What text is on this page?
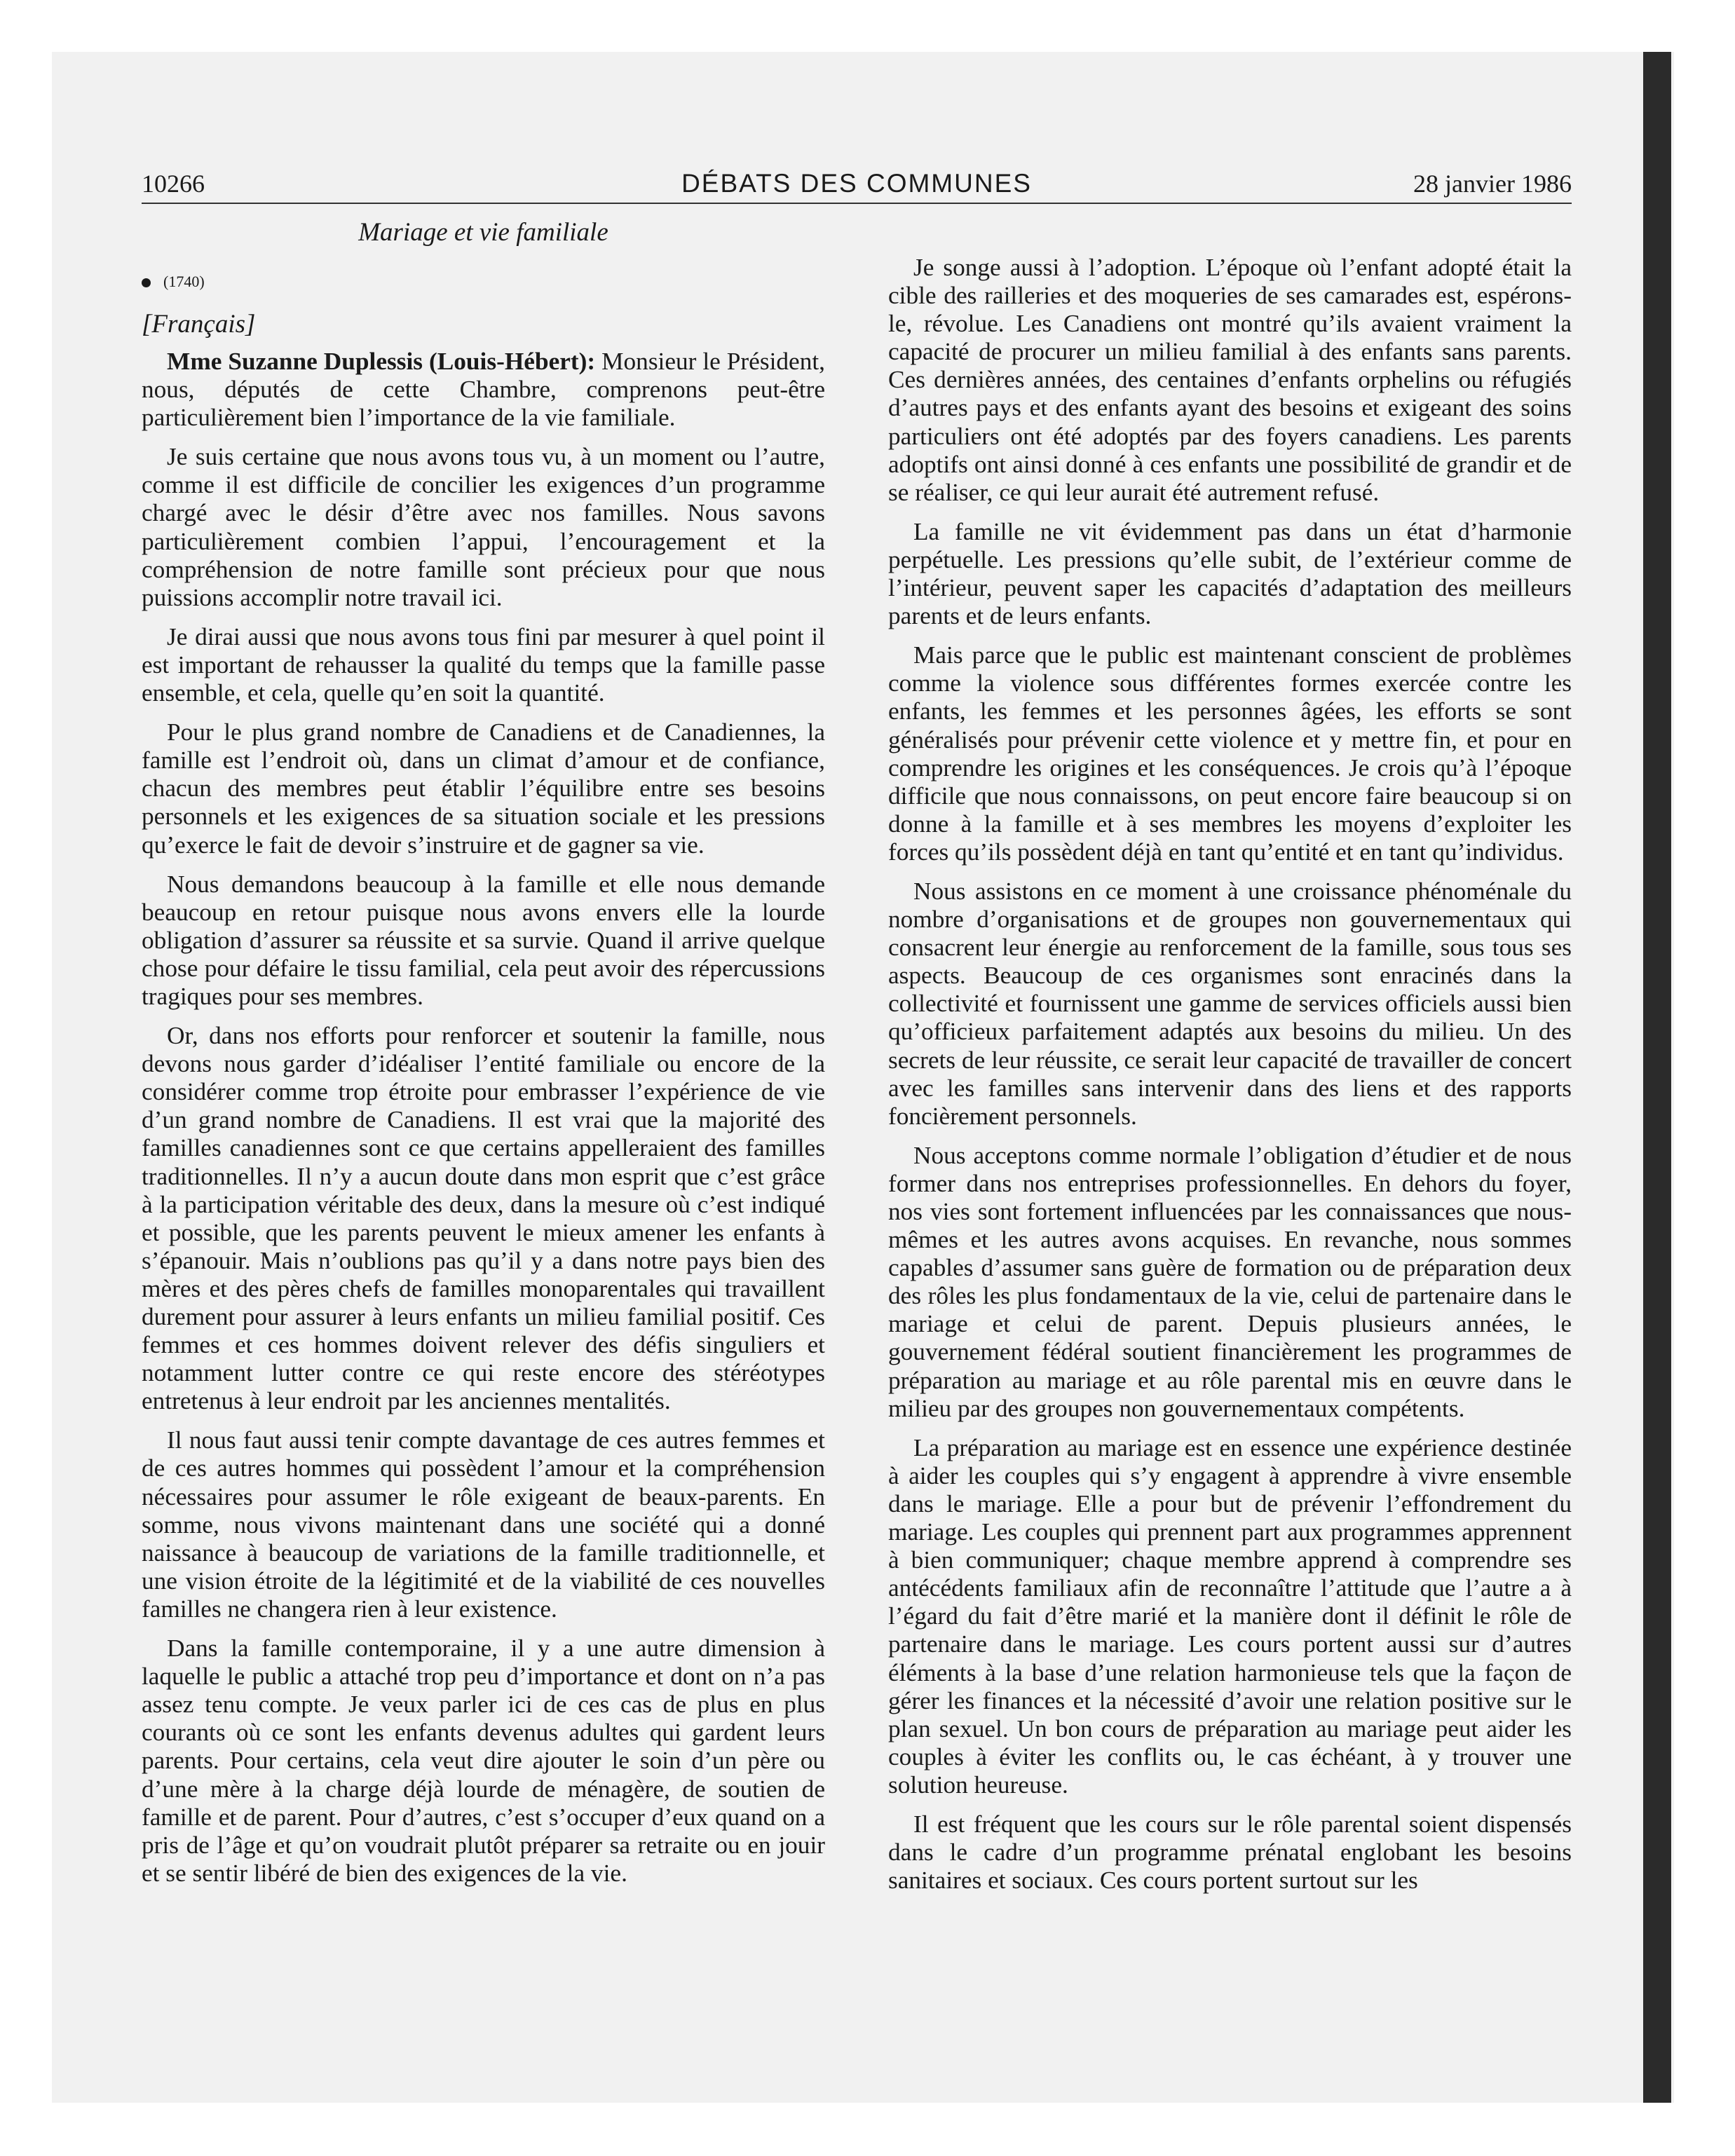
10266	DÉBATS DES COMMUNES	28 janvier 1986
Mariage et vie familiale
(1740)
[Français]

Mme Suzanne Duplessis (Louis-Hébert): Monsieur le Président, nous, députés de cette Chambre, comprenons peut-être particulièrement bien l’importance de la vie familiale.

Je suis certaine que nous avons tous vu, à un moment ou l’autre, comme il est difficile de concilier les exigences d’un programme chargé avec le désir d’être avec nos familles. Nous savons particulièrement combien l’appui, l’encouragement et la compréhension de notre famille sont précieux pour que nous puissions accomplir notre travail ici.

Je dirai aussi que nous avons tous fini par mesurer à quel point il est important de rehausser la qualité du temps que la famille passe ensemble, et cela, quelle qu’en soit la quantité.

Pour le plus grand nombre de Canadiens et de Canadiennes, la famille est l’endroit où, dans un climat d’amour et de confiance, chacun des membres peut établir l’équilibre entre ses besoins personnels et les exigences de sa situation sociale et les pressions qu’exerce le fait de devoir s’instruire et de gagner sa vie.

Nous demandons beaucoup à la famille et elle nous demande beaucoup en retour puisque nous avons envers elle la lourde obligation d’assurer sa réussite et sa survie. Quand il arrive quelque chose pour défaire le tissu familial, cela peut avoir des répercussions tragiques pour ses membres.

Or, dans nos efforts pour renforcer et soutenir la famille, nous devons nous garder d’idéaliser l’entité familiale ou encore de la considérer comme trop étroite pour embrasser l’expérience de vie d’un grand nombre de Canadiens. Il est vrai que la majorité des familles canadiennes sont ce que certains appelleraient des familles traditionnelles. Il n’y a aucun doute dans mon esprit que c’est grâce à la participation véritable des deux, dans la mesure où c’est indiqué et possible, que les parents peuvent le mieux amener les enfants à s’épanouir. Mais n’oublions pas qu’il y a dans notre pays bien des mères et des pères chefs de familles monoparentales qui travaillent durement pour assurer à leurs enfants un milieu familial positif. Ces femmes et ces hommes doivent relever des défis singuliers et notamment lutter contre ce qui reste encore des stéréotypes entretenus à leur endroit par les anciennes mentalités.

Il nous faut aussi tenir compte davantage de ces autres femmes et de ces autres hommes qui possèdent l’amour et la compréhension nécessaires pour assumer le rôle exigeant de beaux-parents. En somme, nous vivons maintenant dans une société qui a donné naissance à beaucoup de variations de la famille traditionnelle, et une vision étroite de la légitimité et de la viabilité de ces nouvelles familles ne changera rien à leur existence.

Dans la famille contemporaine, il y a une autre dimension à laquelle le public a attaché trop peu d’importance et dont on n’a pas assez tenu compte. Je veux parler ici de ces cas de plus en plus courants où ce sont les enfants devenus adultes qui gardent leurs parents. Pour certains, cela veut dire ajouter le soin d’un père ou d’une mère à la charge déjà lourde de ménagère, de soutien de famille et de parent. Pour d’autres, c’est s’occuper d’eux quand on a pris de l’âge et qu’on voudrait plutôt préparer sa retraite ou en jouir et se sentir libéré de bien des exigences de la vie.

Je songe aussi à l’adoption. L’époque où l’enfant adopté était la cible des railleries et des moqueries de ses camarades est, espérons-le, révolue. Les Canadiens ont montré qu’ils avaient vraiment la capacité de procurer un milieu familial à des enfants sans parents. Ces dernières années, des centaines d’enfants orphelins ou réfugiés d’autres pays et des enfants ayant des besoins et exigeant des soins particuliers ont été adoptés par des foyers canadiens. Les parents adoptifs ont ainsi donné à ces enfants une possibilité de grandir et de se réaliser, ce qui leur aurait été autrement refusé.

La famille ne vit évidemment pas dans un état d’harmonie perpétuelle. Les pressions qu’elle subit, de l’extérieur comme de l’intérieur, peuvent saper les capacités d’adaptation des meilleurs parents et de leurs enfants.

Mais parce que le public est maintenant conscient de problèmes comme la violence sous différentes formes exercée contre les enfants, les femmes et les personnes âgées, les efforts se sont généralisés pour prévenir cette violence et y mettre fin, et pour en comprendre les origines et les conséquences. Je crois qu’à l’époque difficile que nous connaissons, on peut encore faire beaucoup si on donne à la famille et à ses membres les moyens d’exploiter les forces qu’ils possèdent déjà en tant qu’entité et en tant qu’individus.

Nous assistons en ce moment à une croissance phénoménale du nombre d’organisations et de groupes non gouvernementaux qui consacrent leur énergie au renforcement de la famille, sous tous ses aspects. Beaucoup de ces organismes sont enracinés dans la collectivité et fournissent une gamme de services officiels aussi bien qu’officieux parfaitement adaptés aux besoins du milieu. Un des secrets de leur réussite, ce serait leur capacité de travailler de concert avec les familles sans intervenir dans des liens et des rapports foncièrement personnels.

Nous acceptons comme normale l’obligation d’étudier et de nous former dans nos entreprises professionnelles. En dehors du foyer, nos vies sont fortement influencées par les connaissances que nous-mêmes et les autres avons acquises. En revanche, nous sommes capables d’assumer sans guère de formation ou de préparation deux des rôles les plus fondamentaux de la vie, celui de partenaire dans le mariage et celui de parent. Depuis plusieurs années, le gouvernement fédéral soutient financièrement les programmes de préparation au mariage et au rôle parental mis en œuvre dans le milieu par des groupes non gouvernementaux compétents.

La préparation au mariage est en essence une expérience destinée à aider les couples qui s’y engagent à apprendre à vivre ensemble dans le mariage. Elle a pour but de prévenir l’effondrement du mariage. Les couples qui prennent part aux programmes apprennent à bien communiquer; chaque membre apprend à comprendre ses antécédents familiaux afin de reconnaître l’attitude que l’autre a à l’égard du fait d’être marié et la manière dont il définit le rôle de partenaire dans le mariage. Les cours portent aussi sur d’autres éléments à la base d’une relation harmonieuse tels que la façon de gérer les finances et la nécessité d’avoir une relation positive sur le plan sexuel. Un bon cours de préparation au mariage peut aider les couples à éviter les conflits ou, le cas échéant, à y trouver une solution heureuse.

Il est fréquent que les cours sur le rôle parental soient dispensés dans le cadre d’un programme prénatal englobant les besoins sanitaires et sociaux. Ces cours portent surtout sur les
